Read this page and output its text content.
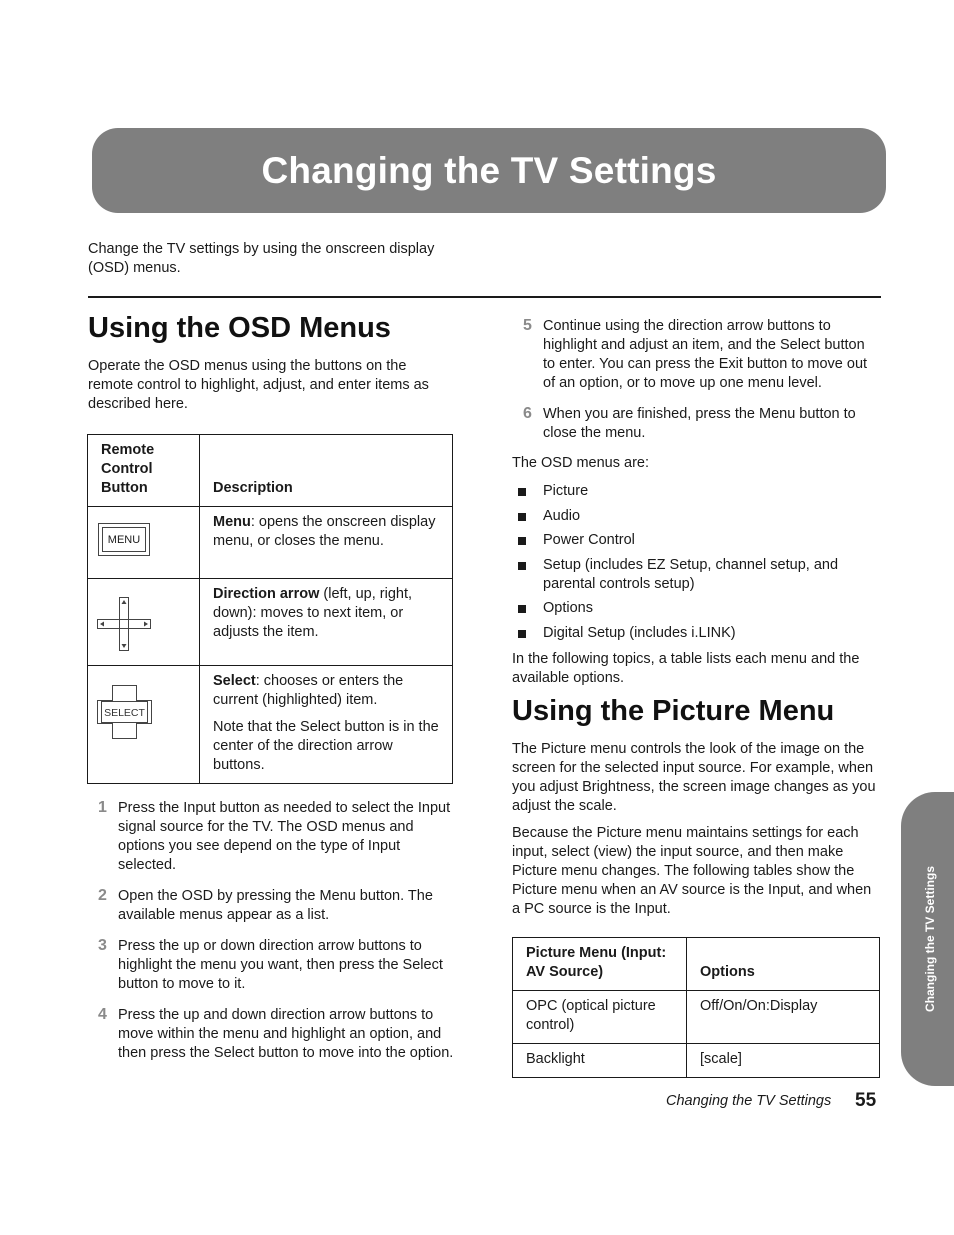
Changing the TV Settings

Change the TV settings by using the onscreen display (OSD) menus.

Using the OSD Menus

Operate the OSD menus using the buttons on the remote control to highlight, adjust, and enter items as described here.

Remote Control Button	Description

MENU	Menu: opens the onscreen display menu, or closes the menu.

Direction arrow (left, up, right, down): moves to next item, or adjusts the item.

SELECT	Select: chooses or enters the current (highlighted) item.
Note that the Select button is in the center of the direction arrow buttons.
1 Press the Input button as needed to select the Input signal source for the TV. The OSD menus and options you see depend on the type of Input selected.
2 Open the OSD by pressing the Menu button. The available menus appear as a list.
3 Press the up or down direction arrow buttons to highlight the menu you want, then press the Select button to move to it.
4 Press the up and down direction arrow buttons to move within the menu and highlight an option, and then press the Select button to move into the option.
5 Continue using the direction arrow buttons to highlight and adjust an item, and the Select button to enter. You can press the Exit button to move out of an option, or to move up one menu level.
6 When you are finished, press the Menu button to close the menu.

The OSD menus are:

Picture
Audio
Power Control
Setup (includes EZ Setup, channel setup, and parental controls setup)
Options
Digital Setup (includes i.LINK)

In the following topics, a table lists each menu and the available options.

Using the Picture Menu

The Picture menu controls the look of the image on the screen for the selected input source. For example, when you adjust Brightness, the screen image changes as you adjust the scale.

Because the Picture menu maintains settings for each input, select (view) the input source, and then make Picture menu changes. The following tables show the Picture menu when an AV source is the Input, and when a PC source is the Input.

Picture Menu (Input: AV Source)	Options

OPC (optical picture control)	Off/On/On:Display

Backlight	[scale]
Changing the TV Settings 55
Changing the TV Settings
